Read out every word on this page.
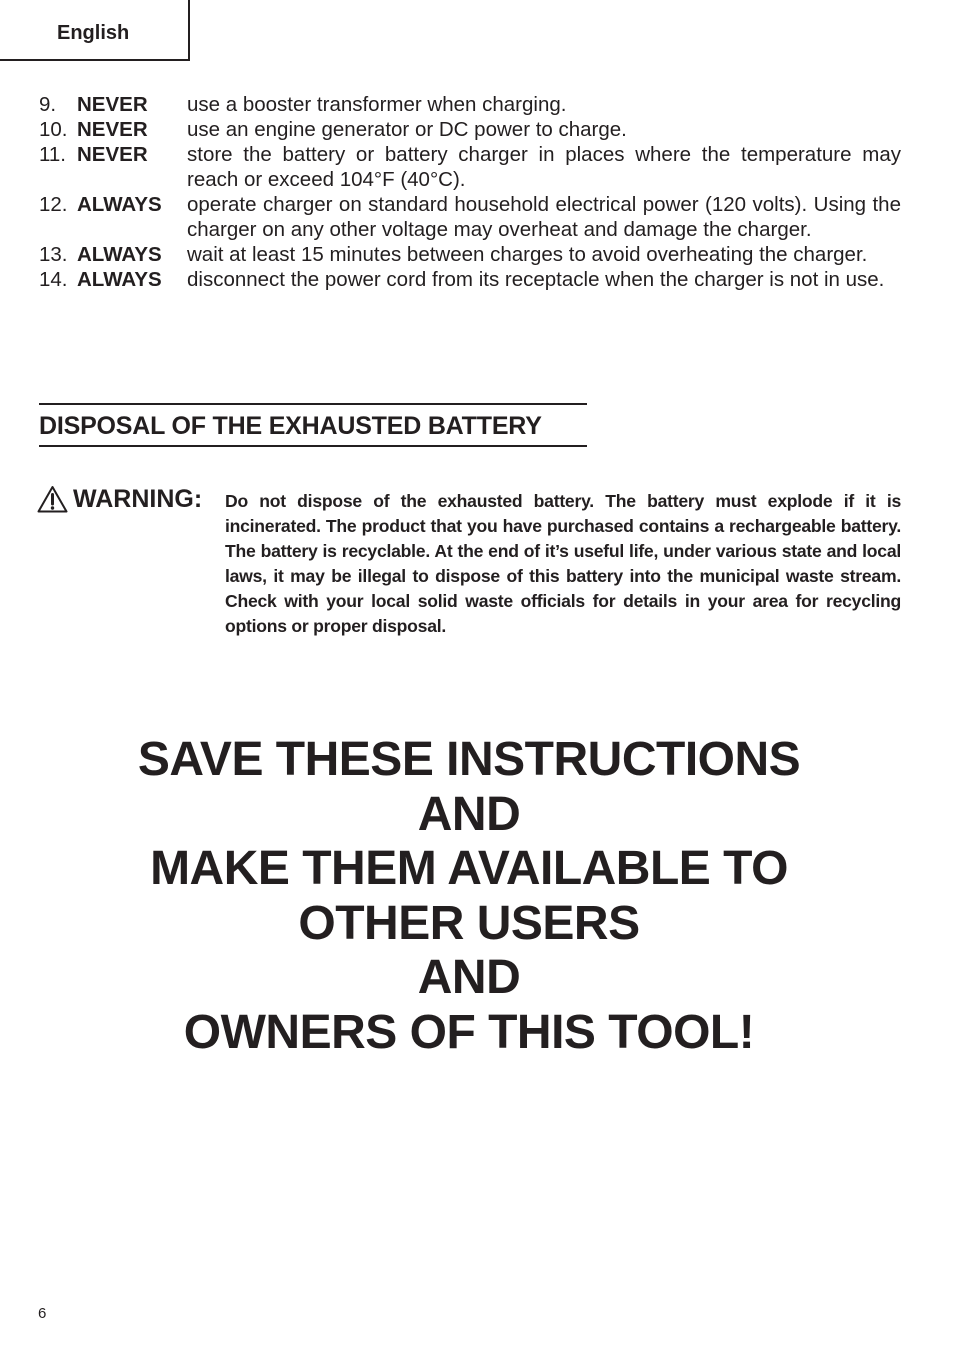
English
9.	NEVER	use a booster transformer when charging.
10. NEVER	use an engine generator or DC power to charge.
11. NEVER	store the battery or battery charger in places where the temperature may reach or exceed 104°F (40°C).
12. ALWAYS	operate charger on standard household electrical power (120 volts). Using the charger on any other voltage may overheat and damage the charger.
13. ALWAYS	wait at least 15 minutes between charges to avoid overheating the charger.
14. ALWAYS	disconnect the power cord from its receptacle when the charger is not in use.
DISPOSAL OF THE EXHAUSTED BATTERY
WARNING: Do not dispose of the exhausted battery. The battery must explode if it is incinerated. The product that you have purchased contains a rechargeable battery. The battery is recyclable. At the end of it’s useful life, under various state and local laws, it may be illegal to dispose of this battery into the municipal waste stream. Check with your local solid waste officials for details in your area for recycling options or proper disposal.
SAVE THESE INSTRUCTIONS
AND
MAKE THEM AVAILABLE TO
OTHER USERS
AND
OWNERS OF THIS TOOL!
6
